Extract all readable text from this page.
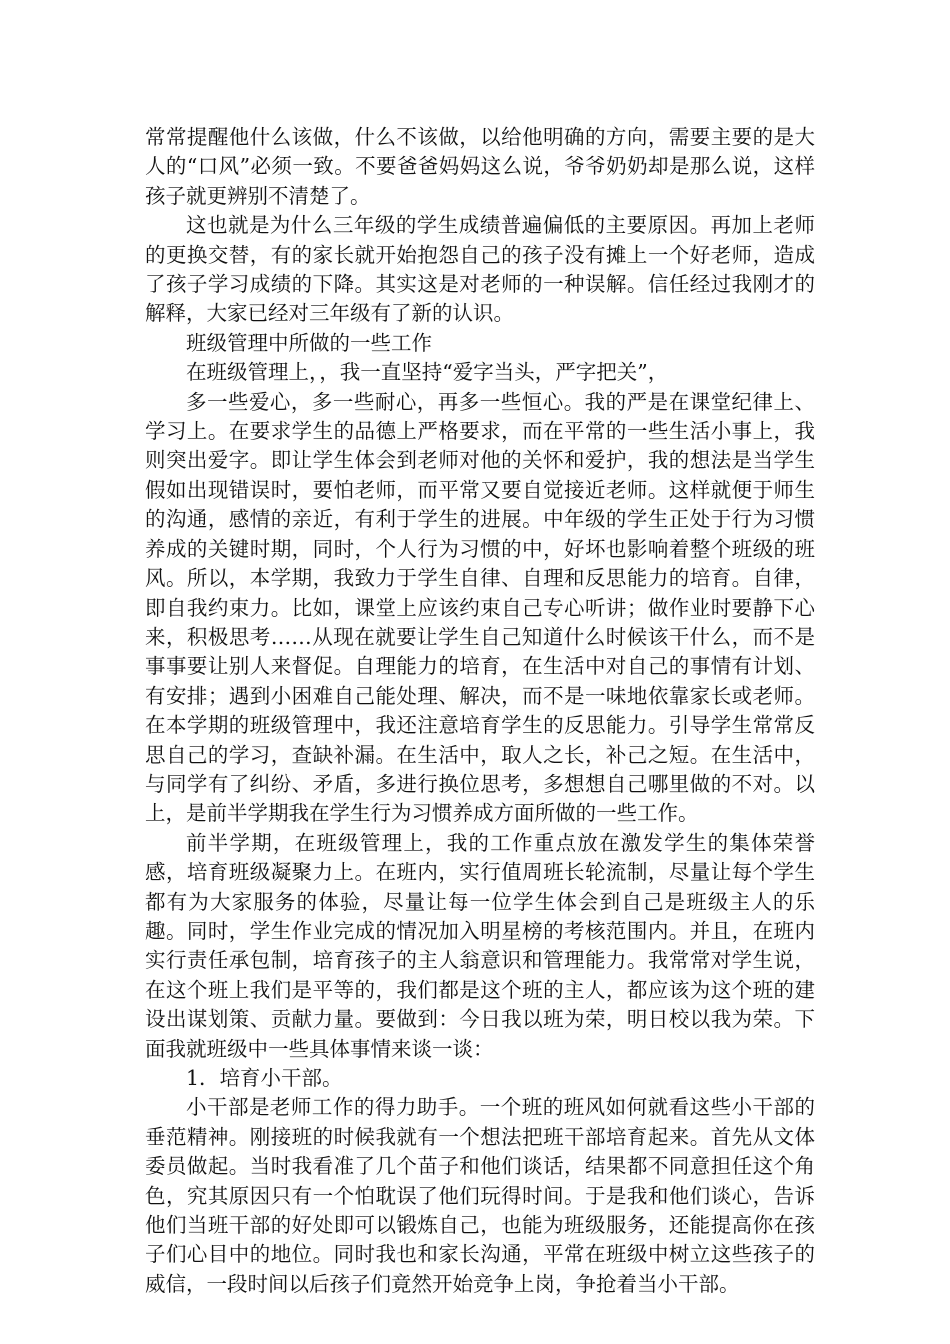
常常提醒他什么该做，什么不该做，以给他明确的方向，需要主要的是大人的“口风”必须一致。不要爸爸妈妈这么说，爷爷奶奶却是那么说，这样孩子就更辨别不清楚了。

这也就是为什么三年级的学生成绩普遍偏低的主要原因。再加上老师的更换交替，有的家长就开始抱怨自己的孩子没有摊上一个好老师，造成了孩子学习成绩的下降。其实这是对老师的一种误解。信任经过我刚才的解释，大家已经对三年级有了新的认识。

班级管理中所做的一些工作

在班级管理上，，我一直坚持“爱字当头，严字把关”，

多一些爱心，多一些耐心，再多一些恒心。我的严是在课堂纪律上、学习上。在要求学生的品德上严格要求，而在平常的一些生活小事上，我则突出爱字。即让学生体会到老师对他的关怀和爱护，我的想法是当学生假如出现错误时，要怕老师，而平常又要自觉接近老师。这样就便于师生的沟通，感情的亲近，有利于学生的进展。中年级的学生正处于行为习惯养成的关键时期，同时，个人行为习惯的中，好坏也影响着整个班级的班风。所以，本学期，我致力于学生自律、自理和反思能力的培育。自律，即自我约束力。比如，课堂上应该约束自己专心听讲；做作业时要静下心来，积极思考……从现在就要让学生自己知道什么时候该干什么，而不是事事要让别人来督促。自理能力的培育，在生活中对自己的事情有计划、有安排；遇到小困难自己能处理、解决，而不是一味地依靠家长或老师。在本学期的班级管理中，我还注意培育学生的反思能力。引导学生常常反思自己的学习，查缺补漏。在生活中，取人之长，补己之短。在生活中，与同学有了纠纷、矛盾，多进行换位思考，多想想自己哪里做的不对。以上，是前半学期我在学生行为习惯养成方面所做的一些工作。

前半学期，在班级管理上，我的工作重点放在激发学生的集体荣誉感，培育班级凝聚力上。在班内，实行值周班长轮流制，尽量让每个学生都有为大家服务的体验，尽量让每一位学生体会到自己是班级主人的乐趣。同时，学生作业完成的情况加入明星榜的考核范围内。并且，在班内实行责任承包制，培育孩子的主人翁意识和管理能力。我常常对学生说，在这个班上我们是平等的，我们都是这个班的主人，都应该为这个班的建设出谋划策、贡献力量。要做到：今日我以班为荣，明日校以我为荣。下面我就班级中一些具体事情来谈一谈：

1．培育小干部。

小干部是老师工作的得力助手。一个班的班风如何就看这些小干部的垂范精神。刚接班的时候我就有一个想法把班干部培育起来。首先从文体委员做起。当时我看准了几个苗子和他们谈话，结果都不同意担任这个角色，究其原因只有一个怕耽误了他们玩得时间。于是我和他们谈心，告诉他们当班干部的好处即可以锻炼自己，也能为班级服务，还能提高你在孩子们心目中的地位。同时我也和家长沟通，平常在班级中树立这些孩子的威信，一段时间以后孩子们竟然开始竞争上岗，争抢着当小干部。
